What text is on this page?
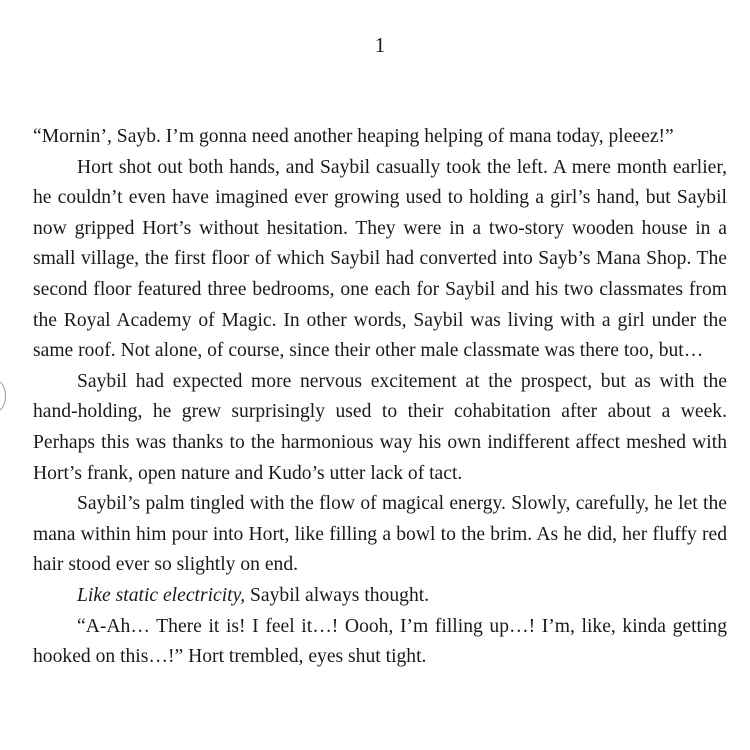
1

“Mornin’, Sayb. I’m gonna need another heaping helping of mana today, pleeez!”

Hort shot out both hands, and Saybil casually took the left. A mere month earlier, he couldn’t even have imagined ever growing used to holding a girl’s hand, but Saybil now gripped Hort’s without hesitation. They were in a two-story wooden house in a small village, the first floor of which Saybil had converted into Sayb’s Mana Shop. The second floor featured three bedrooms, one each for Saybil and his two classmates from the Royal Academy of Magic. In other words, Saybil was living with a girl under the same roof. Not alone, of course, since their other male classmate was there too, but…

Saybil had expected more nervous excitement at the prospect, but as with the hand-holding, he grew surprisingly used to their cohabitation after about a week. Perhaps this was thanks to the harmonious way his own indifferent affect meshed with Hort’s frank, open nature and Kudo’s utter lack of tact.

Saybil’s palm tingled with the flow of magical energy. Slowly, carefully, he let the mana within him pour into Hort, like filling a bowl to the brim. As he did, her fluffy red hair stood ever so slightly on end.

Like static electricity, Saybil always thought.

“A-Ah… There it is! I feel it…! Oooh, I’m filling up…! I’m, like, kinda getting hooked on this…!” Hort trembled, eyes shut tight.
